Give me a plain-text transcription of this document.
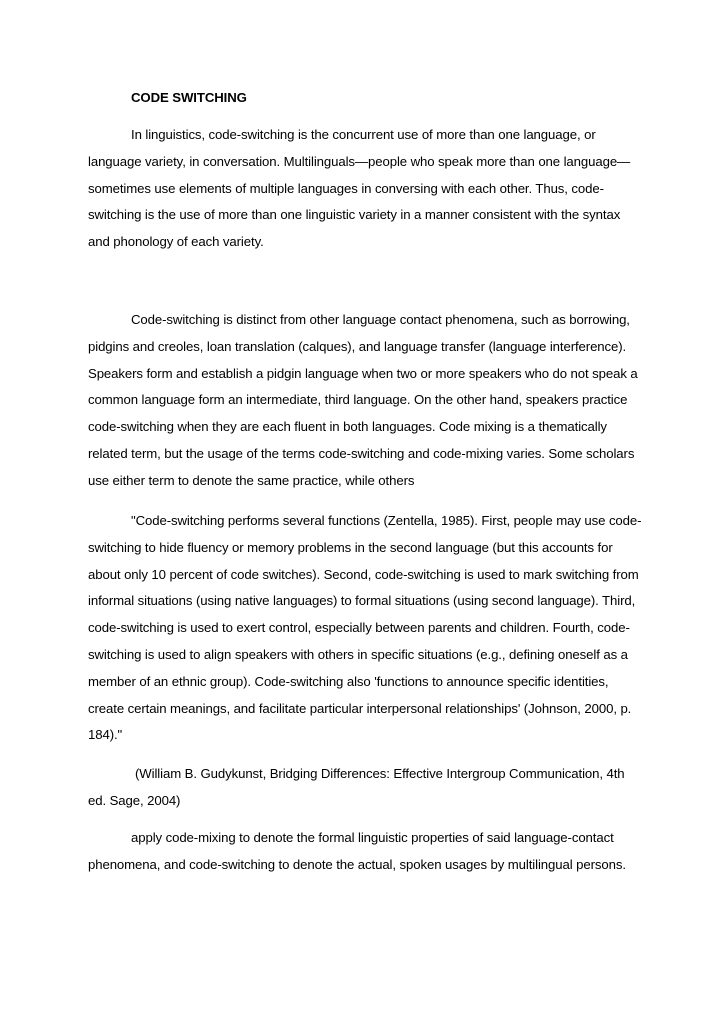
CODE SWITCHING

In linguistics, code-switching is the concurrent use of more than one language, or language variety, in conversation. Multilinguals—people who speak more than one language—sometimes use elements of multiple languages in conversing with each other. Thus, code-switching is the use of more than one linguistic variety in a manner consistent with the syntax and phonology of each variety.

Code-switching is distinct from other language contact phenomena, such as borrowing, pidgins and creoles, loan translation (calques), and language transfer (language interference). Speakers form and establish a pidgin language when two or more speakers who do not speak a common language form an intermediate, third language. On the other hand, speakers practice code-switching when they are each fluent in both languages. Code mixing is a thematically related term, but the usage of the terms code-switching and code-mixing varies. Some scholars use either term to denote the same practice, while others

"Code-switching performs several functions (Zentella, 1985). First, people may use code-switching to hide fluency or memory problems in the second language (but this accounts for about only 10 percent of code switches). Second, code-switching is used to mark switching from informal situations (using native languages) to formal situations (using second language). Third, code-switching is used to exert control, especially between parents and children. Fourth, code-switching is used to align speakers with others in specific situations (e.g., defining oneself as a member of an ethnic group). Code-switching also 'functions to announce specific identities, create certain meanings, and facilitate particular interpersonal relationships' (Johnson, 2000, p. 184)."

(William B. Gudykunst, Bridging Differences: Effective Intergroup Communication, 4th ed. Sage, 2004)

apply code-mixing to denote the formal linguistic properties of said language-contact phenomena, and code-switching to denote the actual, spoken usages by multilingual persons.
